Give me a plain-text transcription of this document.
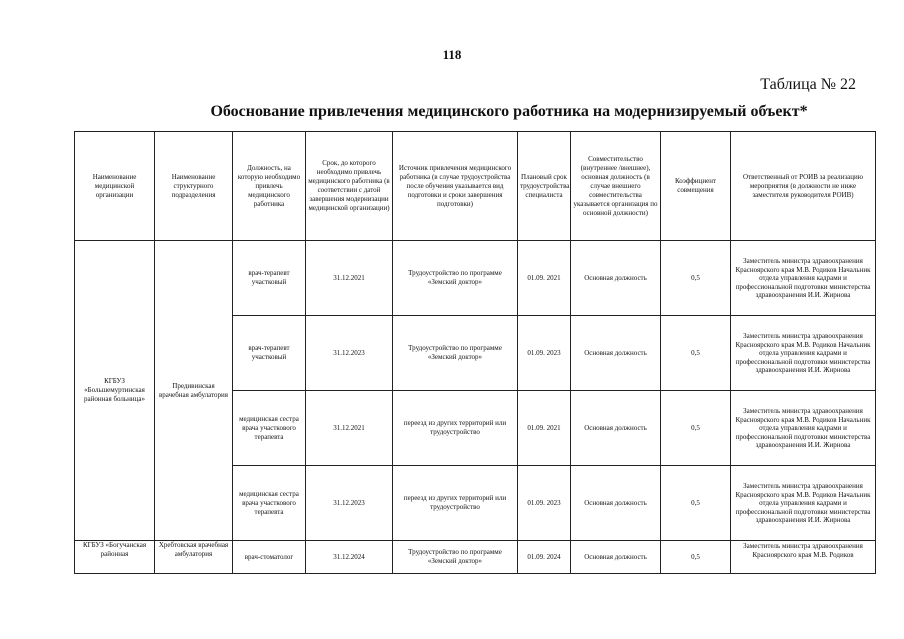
118
Таблица № 22
Обоснование привлечения медицинского работника на модернизируемый объект*
Наименование медицинской организации	Наименование структурного подразделения	Должность, на которую необходимо привлечь медицинского работника	Срок, до которого необходимо привлечь медицинского работника (в соответствии с датой завершения модернизации медицинской организации)	Источник привлечения медицинского работника (в случае трудоустройства после обучения указывается вид подготовки и сроки завершения подготовки)	Плановый срок трудоустройства специалиста	Совместительство (внутреннее /внешнее), основная должность (в случае внешнего совместительства указывается организация по основной должности)	Коэффициент совмещения	Ответственный от РОИВ за реализацию мероприятия (в должности не ниже заместителя руководителя РОИВ)
КГБУЗ «Большемуртинская районная больница»	Предивинская врачебная амбулатория	врач-терапевт участковый	31.12.2021	Трудоустройство по программе «Земский доктор»	01.09. 2021	Основная должность	0,5	Заместитель министра здравоохранения Красноярского края М.В. Родиков Начальник отдела управления кадрами и профессиональной подготовки министерства здравоохранения И.И. Жирнова
		врач-терапевт участковый	31.12.2023	Трудоустройство по программе «Земский доктор»	01.09. 2023	Основная должность	0,5	Заместитель министра здравоохранения Красноярского края М.В. Родиков Начальник отдела управления кадрами и профессиональной подготовки министерства здравоохранения И.И. Жирнова
		медицинская сестра врача участкового терапевта	31.12.2021	переезд из других территорий или трудоустройство	01.09. 2021	Основная должность	0,5	Заместитель министра здравоохранения Красноярского края М.В. Родиков Начальник отдела управления кадрами и профессиональной подготовки министерства здравоохранения И.И. Жирнова
		медицинская сестра врача участкового терапевта	31.12.2023	переезд из других территорий или трудоустройство	01.09. 2023	Основная должность	0,5	Заместитель министра здравоохранения Красноярского края М.В. Родиков Начальник отдела управления кадрами и профессиональной подготовки министерства здравоохранения И.И. Жирнова
КГБУЗ «Богучанская районная	Хребтовская врачебная амбулатория	врач-стоматолог	31.12.2024	Трудоустройство по программе «Земский доктор»	01.09. 2024	Основная должность	0,5	Заместитель министра здравоохранения Красноярского края М.В. Родиков
